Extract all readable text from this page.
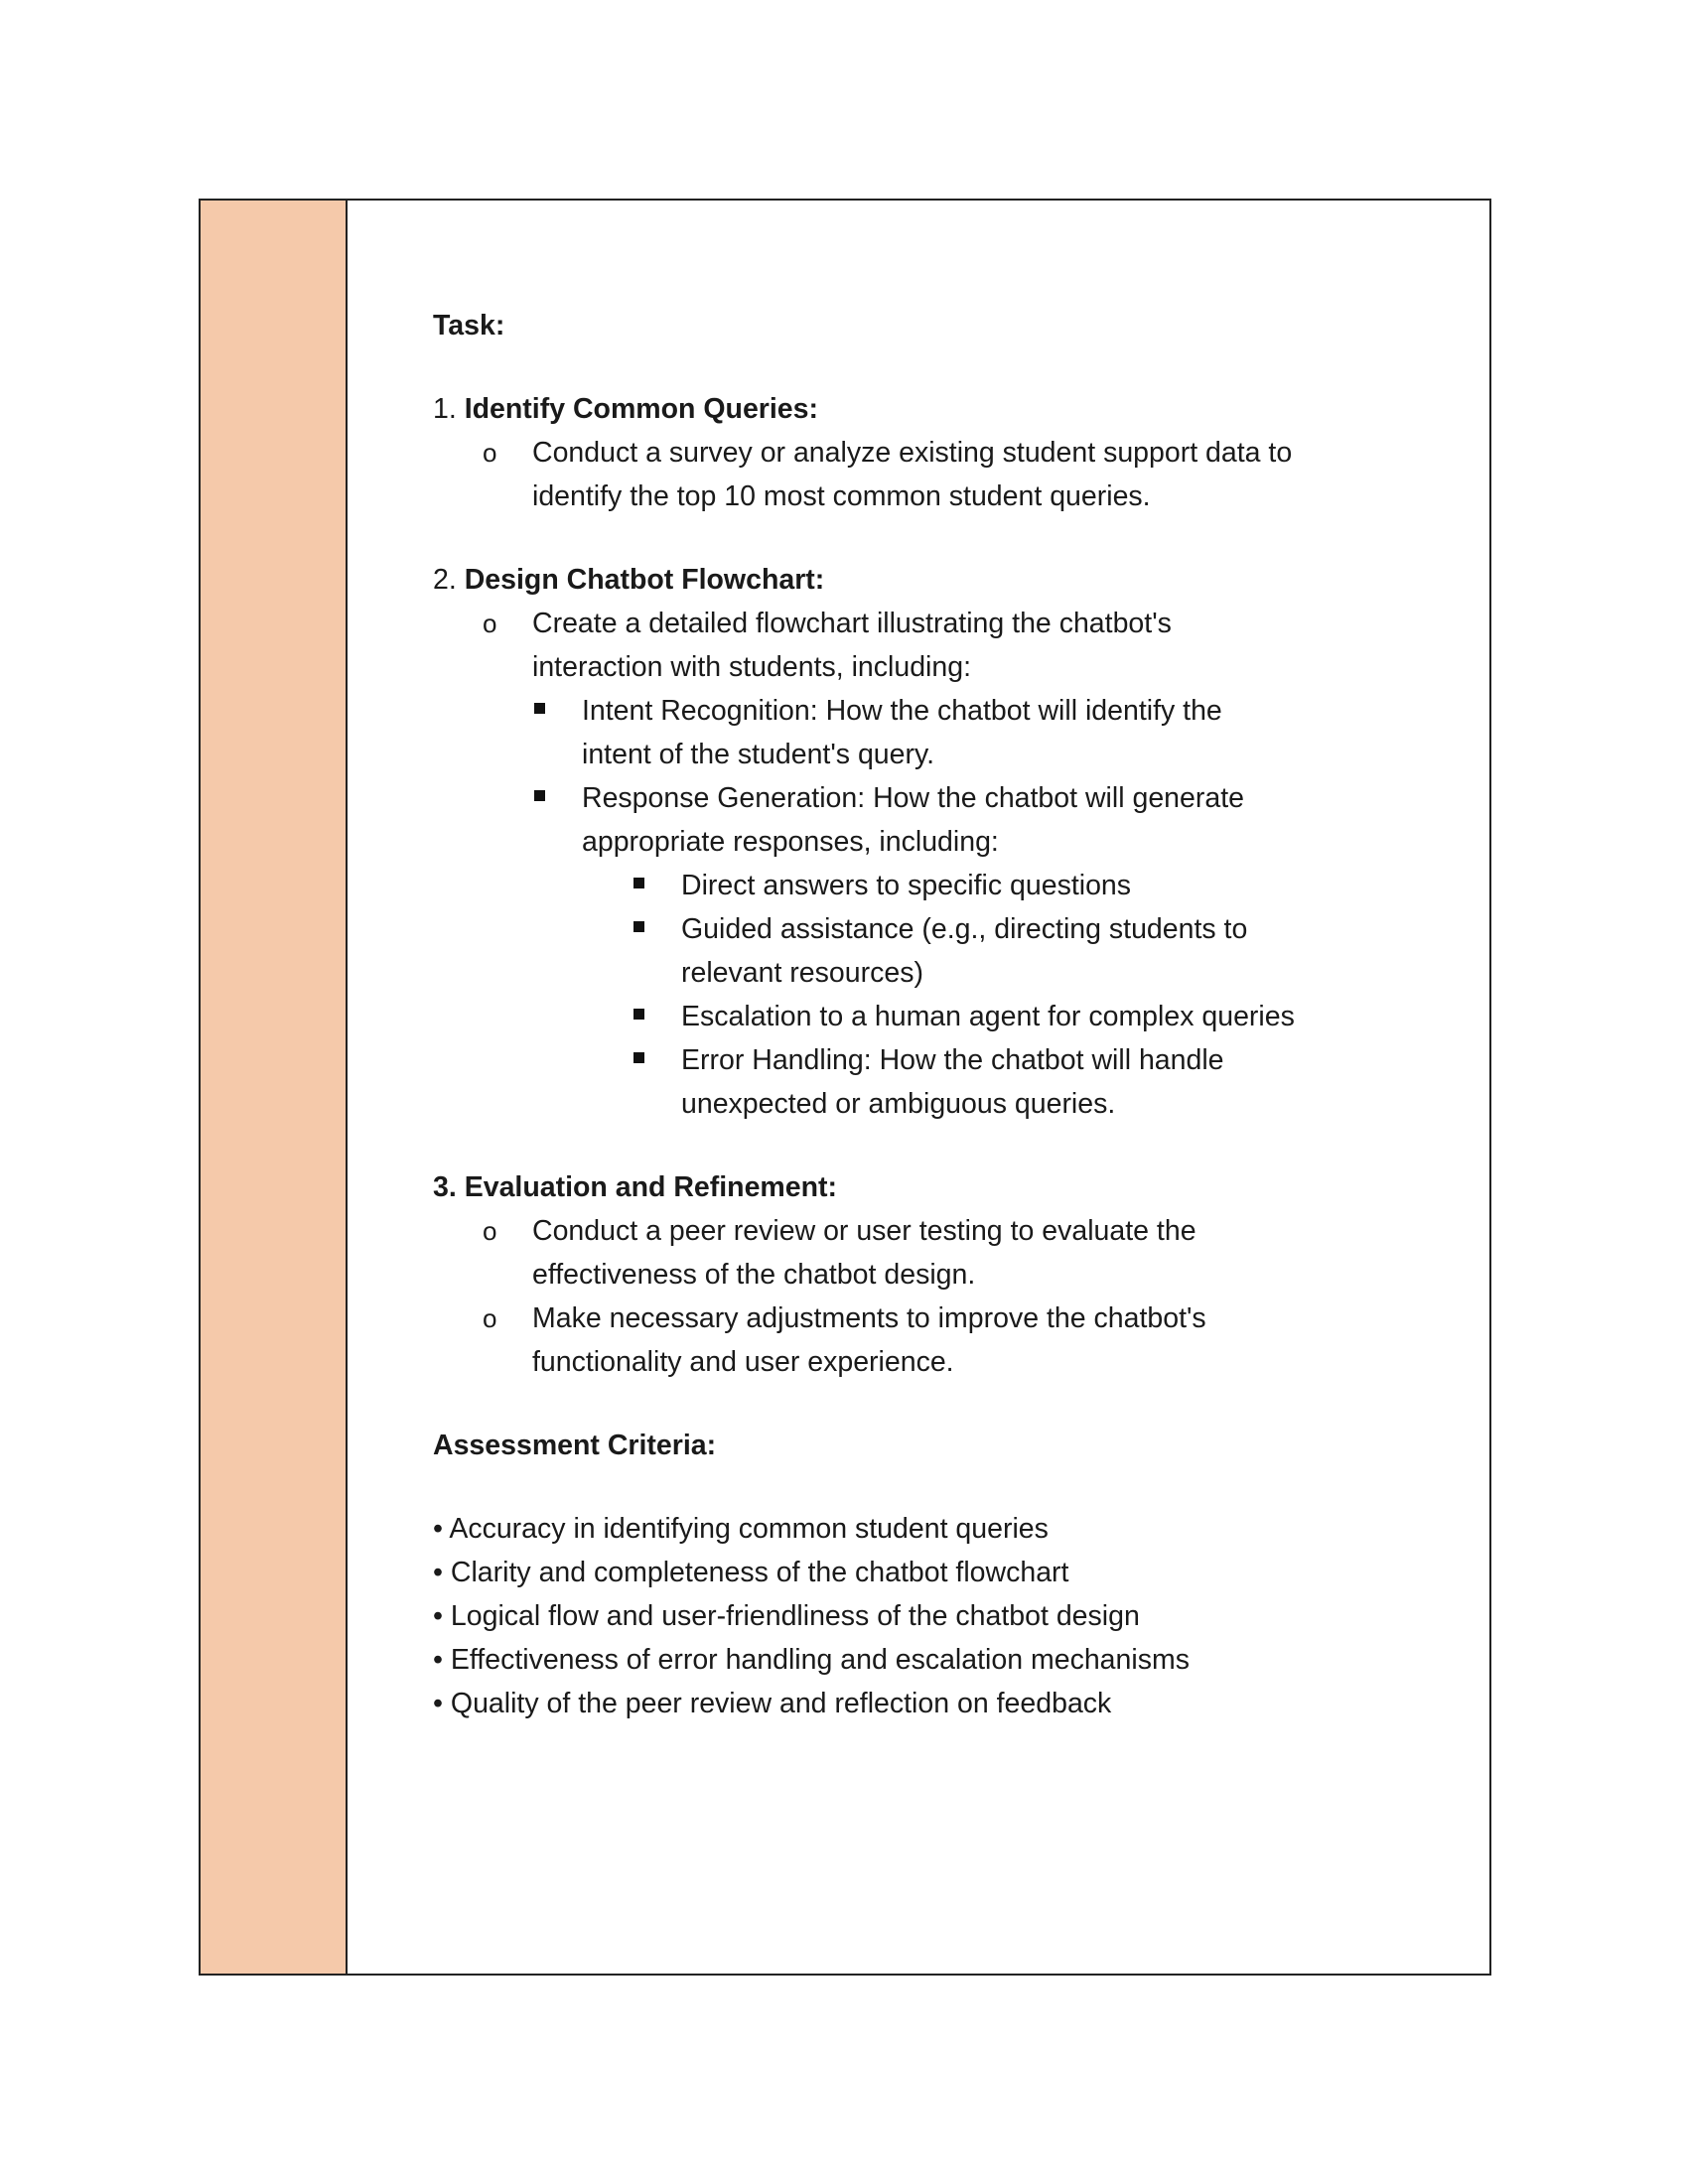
Task:

1. Identify Common Queries:

o Conduct a survey or analyze existing student support data to
identify the top 10 most common student queries.

2. Design Chatbot Flowchart:

o Create a detailed flowchart illustrating the chatbot's
interaction with students, including:

Intent Recognition: How the chatbot will identify the
intent of the student's query.

Response Generation: How the chatbot will generate
appropriate responses, including:

Direct answers to specific questions

Guided assistance (e.g., directing students to
relevant resources)

Escalation to a human agent for complex queries

Error Handling: How the chatbot will handle
unexpected or ambiguous queries.

3. Evaluation and Refinement:

o Conduct a peer review or user testing to evaluate the
effectiveness of the chatbot design.

o Make necessary adjustments to improve the chatbot's
functionality and user experience.

Assessment Criteria:

• Accuracy in identifying common student queries

• Clarity and completeness of the chatbot flowchart

• Logical flow and user-friendliness of the chatbot design

• Effectiveness of error handling and escalation mechanisms

• Quality of the peer review and reflection on feedback
